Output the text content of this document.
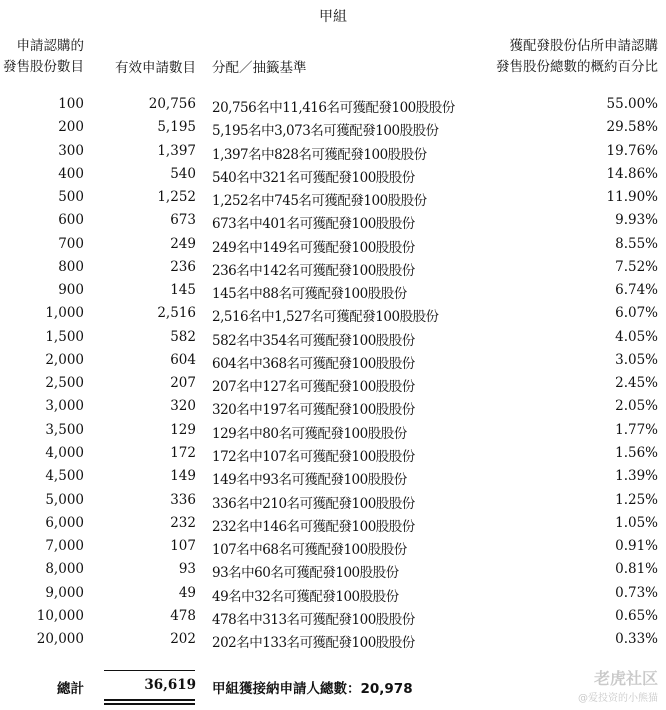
甲組
申請認購的
發售股份數目	有效申請數目 分配／抽籤基準
獲配發股份佔所申請認購
發售股份總數的概約百分比
100	20,756 20,756名中11,416名可獲配發100股股份	55.00%
200	5,195 5,195名中3,073名可獲配發100股股份	29.58%
300	1,397 1,397名中828名可獲配發100股股份	19.76%
400	540 540名中321名可獲配發100股股份	14.86%
500	1,252 1,252名中745名可獲配發100股股份	11.90%
600	673 673名中401名可獲配發100股股份	9.93%
700	249 249名中149名可獲配發100股股份	8.55%
800	236 236名中142名可獲配發100股股份	7.52%
900	145 145名中88名可獲配發100股股份	6.74%
1,000	2,516 2,516名中1,527名可獲配發100股股份	6.07%
1,500	582 582名中354名可獲配發100股股份	4.05%
2,000	604 604名中368名可獲配發100股股份	3.05%
2,500	207 207名中127名可獲配發100股股份	2.45%
3,000	320 320名中197名可獲配發100股股份	2.05%
3,500	129 129名中80名可獲配發100股股份	1.77%
4,000	172 172名中107名可獲配發100股股份	1.56%
4,500	149 149名中93名可獲配發100股股份	1.39%
5,000	336 336名中210名可獲配發100股股份	1.25%
6,000	232 232名中146名可獲配發100股股份	1.05%
7,000	107 107名中68名可獲配發100股股份	0.91%
8,000	93 93名中60名可獲配發100股股份	0.81%
9,000	49 49名中32名可獲配發100股股份	0.73%
10,000	478 478名中313名可獲配發100股股份	0.65%
20,000	202 202名中133名可獲配發100股股份	0.33%
總計	36,619 甲組獲接納申請人總數：20,978
老虎社区
@爱投资的小熊猫
